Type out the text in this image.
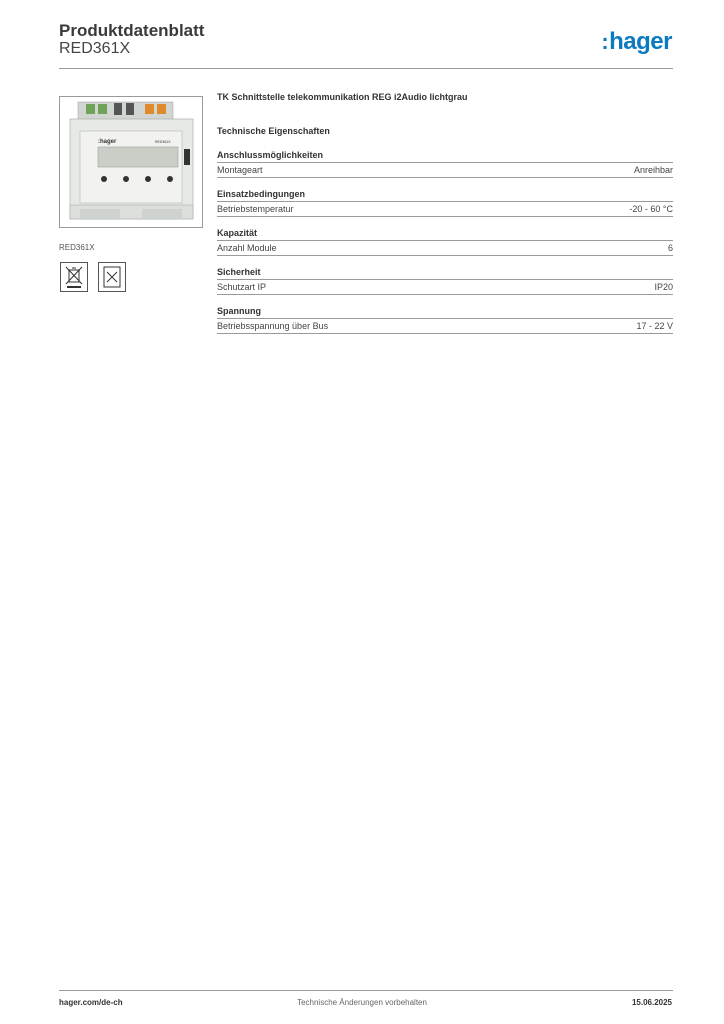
Produktdatenblatt
RED361X	:hager
:hager	RED361X
RED361X
TK Schnittstelle telekommunikation REG i2Audio lichtgrau
Technische Eigenschaften
Anschlussmöglichkeiten
Montageart	Anreihbar
Einsatzbedingungen
Betriebstemperatur	-20 - 60 °C
Kapazität
Anzahl Module	6
Sicherheit
Schutzart IP	IP20
Spannung
Betriebsspannung über Bus	17 - 22 V
hager.com/de-ch	Technische Änderungen vorbehalten	15.06.2025
